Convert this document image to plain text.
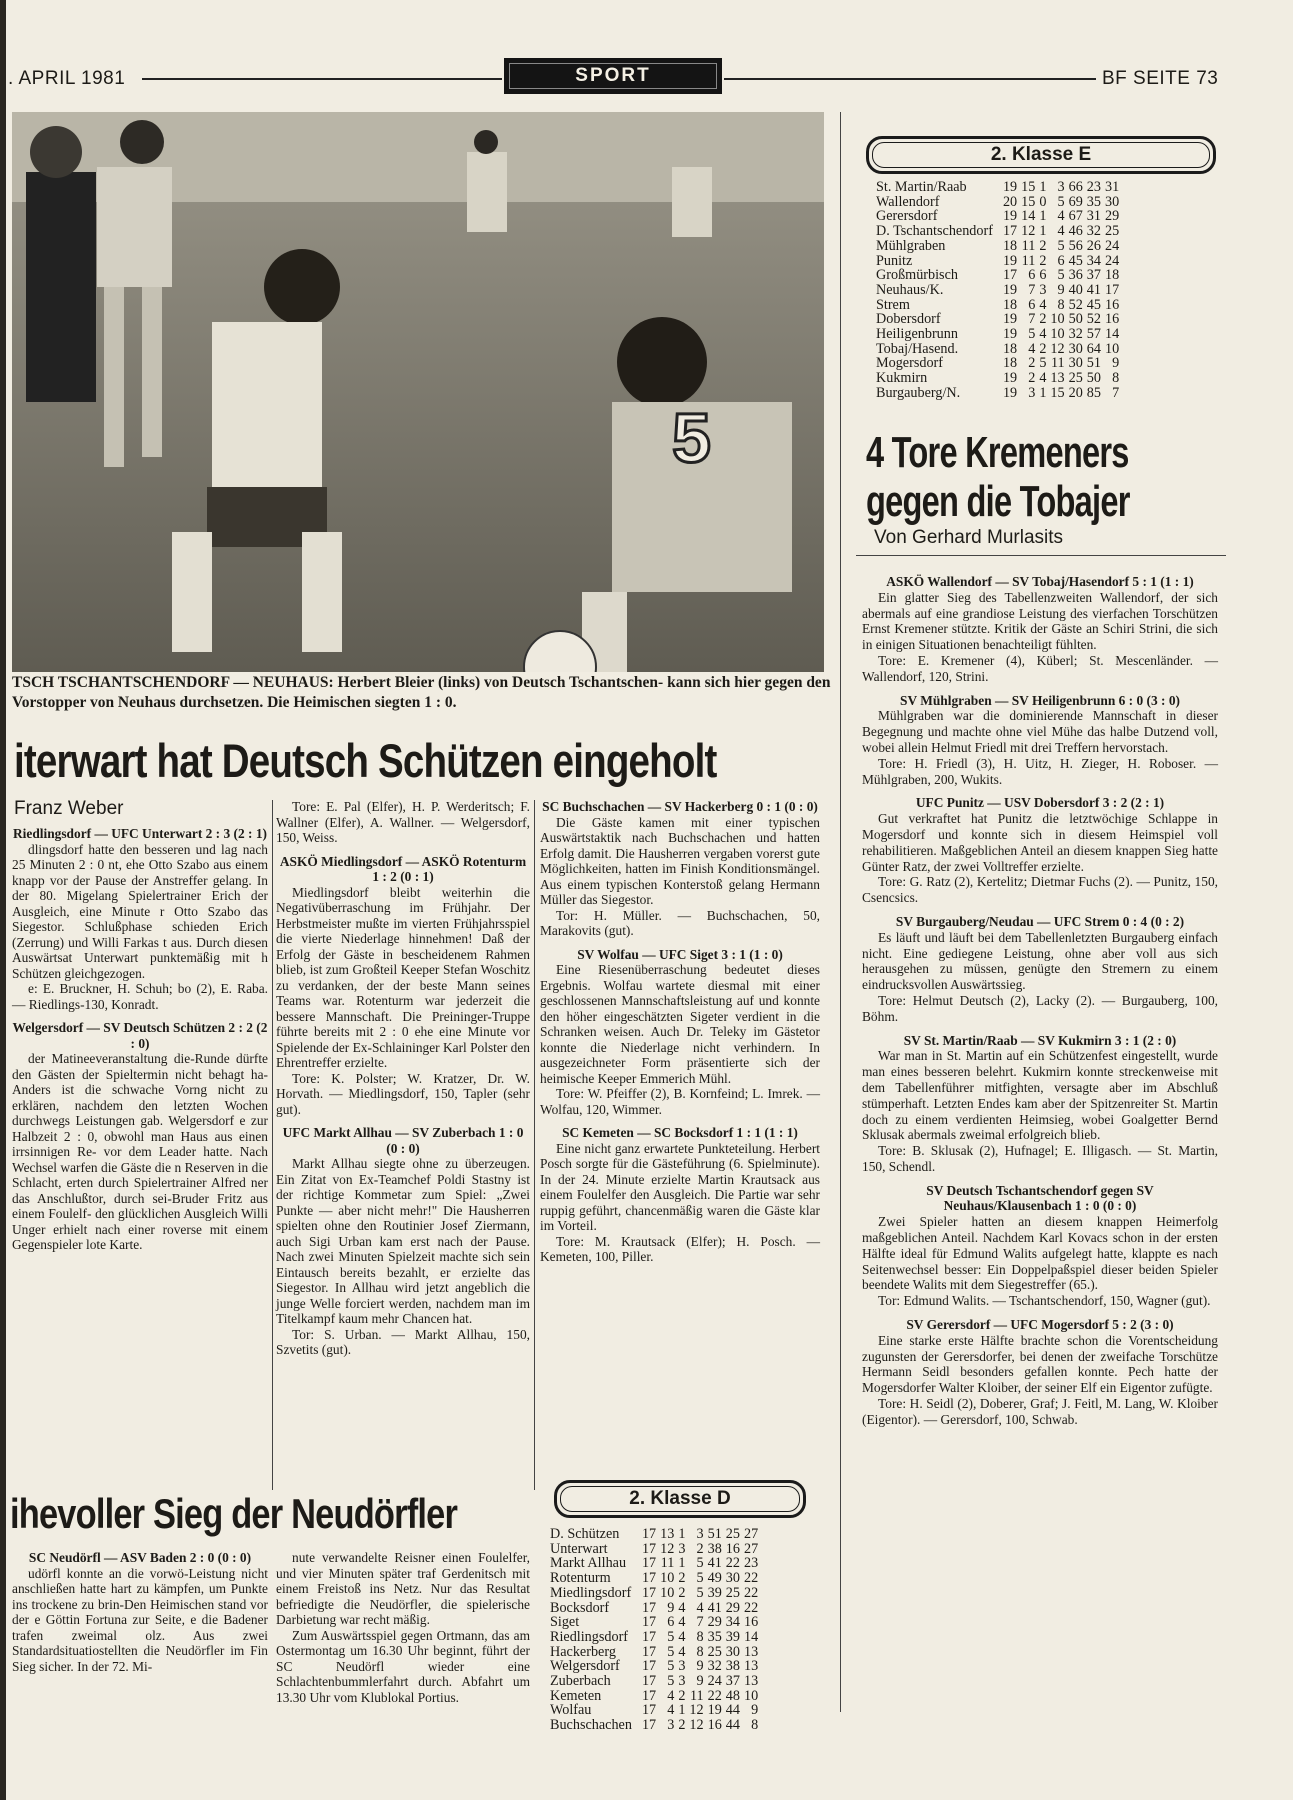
. APRIL 1981	SPORT	BF SEITE 73
5
TSCH TSCHANTSCHENDORF — NEUHAUS: Herbert Bleier (links) von Deutsch Tschantschen- kann sich hier gegen den Vorstopper von Neuhaus durchsetzen. Die Heimischen siegten 1 : 0.
iterwart hat Deutsch Schützen eingeholt
Franz Weber

Riedlingsdorf — UFC Unterwart 2 : 3 (2 : 1)

dlingsdorf hatte den besseren und lag nach 25 Minuten 2 : 0 nt, ehe Otto Szabo aus einem knapp vor der Pause der Anstreffer gelang. In der 80. Migelang Spielertrainer Erich der Ausgleich, eine Minute r Otto Szabo das Siegestor. Schlußphase schieden Erich (Zerrung) und Willi Farkas t aus. Durch diesen Auswärtsat Unterwart punktemäßig mit h Schützen gleichgezogen.

e: E. Bruckner, H. Schuh; bo (2), E. Raba. — Riedlings-130, Konradt.

Welgersdorf — SV Deutsch Schützen 2 : 2 (2 : 0)

der Matineeveranstaltung die-Runde dürfte den Gästen der Spieltermin nicht behagt ha-Anders ist die schwache Vorng nicht zu erklären, nachdem den letzten Wochen durchwegs Leistungen gab. Welgersdorf e zur Halbzeit 2 : 0, obwohl man Haus aus einen irrsinnigen Re- vor dem Leader hatte. Nach Wechsel warfen die Gäste die n Reserven in die Schlacht, erten durch Spielertrainer Alfred ner das Anschlußtor, durch sei-Bruder Fritz aus einem Foulelf- den glücklichen Ausgleich Willi Unger erhielt nach einer roverse mit einem Gegenspieler lote Karte.

Tore: E. Pal (Elfer), H. P. Werderitsch; F. Wallner (Elfer), A. Wallner. — Welgersdorf, 150, Weiss.

ASKÖ Miedlingsdorf — ASKÖ Rotenturm 1 : 2 (0 : 1)

Miedlingsdorf bleibt weiterhin die Negativüberraschung im Frühjahr. Der Herbstmeister mußte im vierten Frühjahrsspiel die vierte Niederlage hinnehmen! Daß der Erfolg der Gäste in bescheidenem Rahmen blieb, ist zum Großteil Keeper Stefan Woschitz zu verdanken, der der beste Mann seines Teams war. Rotenturm war jederzeit die bessere Mannschaft. Die Preininger-Truppe führte bereits mit 2 : 0 ehe eine Minute vor Spielende der Ex-Schlaininger Karl Polster den Ehrentreffer erzielte.

Tore: K. Polster; W. Kratzer, Dr. W. Horvath. — Miedlingsdorf, 150, Tapler (sehr gut).

UFC Markt Allhau — SV Zuberbach 1 : 0 (0 : 0)

Markt Allhau siegte ohne zu überzeugen. Ein Zitat von Ex-Teamchef Poldi Stastny ist der richtige Kommetar zum Spiel: „Zwei Punkte — aber nicht mehr!" Die Hausherren spielten ohne den Routinier Josef Ziermann, auch Sigi Urban kam erst nach der Pause. Nach zwei Minuten Spielzeit machte sich sein Eintausch bereits bezahlt, er erzielte das Siegestor. In Allhau wird jetzt angeblich die junge Welle forciert werden, nachdem man im Titelkampf kaum mehr Chancen hat.

Tor: S. Urban. — Markt Allhau, 150, Szvetits (gut).

SC Buchschachen — SV Hackerberg 0 : 1 (0 : 0)

Die Gäste kamen mit einer typischen Auswärtstaktik nach Buchschachen und hatten Erfolg damit. Die Hausherren vergaben vorerst gute Möglichkeiten, hatten im Finish Konditionsmängel. Aus einem typischen Konterstoß gelang Hermann Müller das Siegestor.

Tor: H. Müller. — Buchschachen, 50, Marakovits (gut).

SV Wolfau — UFC Siget 3 : 1 (1 : 0)

Eine Riesenüberraschung bedeutet dieses Ergebnis. Wolfau wartete diesmal mit einer geschlossenen Mannschaftsleistung auf und konnte den höher eingeschätzten Sigeter verdient in die Schranken weisen. Auch Dr. Teleky im Gästetor konnte die Niederlage nicht verhindern. In ausgezeichneter Form präsentierte sich der heimische Keeper Emmerich Mühl.

Tore: W. Pfeiffer (2), B. Kornfeind; L. Imrek. — Wolfau, 120, Wimmer.

SC Kemeten — SC Bocksdorf 1 : 1 (1 : 1)

Eine nicht ganz erwartete Punkteteilung. Herbert Posch sorgte für die Gästeführung (6. Spielminute). In der 24. Minute erzielte Martin Krautsack aus einem Foulelfer den Ausgleich. Die Partie war sehr ruppig geführt, chancenmäßig waren die Gäste klar im Vorteil.

Tore: M. Krautsack (Elfer); H. Posch. — Kemeten, 100, Piller.

ihevoller Sieg der Neudörfler

SC Neudörfl — ASV Baden 2 : 0 (0 : 0)

udörfl konnte an die vorwö-Leistung nicht anschließen hatte hart zu kämpfen, um Punkte ins trockene zu brin-Den Heimischen stand vor der e Göttin Fortuna zur Seite, e die Badener trafen zweimal olz. Aus zwei Standardsituatiostellten die Neudörfler im Fin Sieg sicher. In der 72. Mi-

nute verwandelte Reisner einen Foulelfer, und vier Minuten später traf Gerdenitsch mit einem Freistoß ins Netz. Nur das Resultat befriedigte die Neudörfler, die spielerische Darbietung war recht mäßig.

Zum Auswärtsspiel gegen Ortmann, das am Ostermontag um 16.30 Uhr beginnt, führt der SC Neudörfl wieder eine Schlachtenbummlerfahrt durch. Abfahrt um 13.30 Uhr vom Klublokal Portius.

2. Klasse D
D. Schützen	17	13	1	3	51	25	27
Unterwart	17	12	3	2	38	16	27
Markt Allhau	17	11	1	5	41	22	23
Rotenturm	17	10	2	5	49	30	22
Miedlingsdorf	17	10	2	5	39	25	22
Bocksdorf	17	9	4	4	41	29	22
Siget	17	6	4	7	29	34	16
Riedlingsdorf	17	5	4	8	35	39	14
Hackerberg	17	5	4	8	25	30	13
Welgersdorf	17	5	3	9	32	38	13
Zuberbach	17	5	3	9	24	37	13
Kemeten	17	4	2	11	22	48	10
Wolfau	17	4	1	12	19	44	9
Buchschachen	17	3	2	12	16	44	8
2. Klasse E
St. Martin/Raab	19	15	1	3	66	23	31
Wallendorf	20	15	0	5	69	35	30
Gerersdorf	19	14	1	4	67	31	29
D. Tschantschendorf	17	12	1	4	46	32	25
Mühlgraben	18	11	2	5	56	26	24
Punitz	19	11	2	6	45	34	24
Großmürbisch	17	6	6	5	36	37	18
Neuhaus/K.	19	7	3	9	40	41	17
Strem	18	6	4	8	52	45	16
Dobersdorf	19	7	2	10	50	52	16
Heiligenbrunn	19	5	4	10	32	57	14
Tobaj/Hasend.	18	4	2	12	30	64	10
Mogersdorf	18	2	5	11	30	51	9
Kukmirn	19	2	4	13	25	50	8
Burgauberg/N.	19	3	1	15	20	85	7
4 Tore Kremeners
gegen die Tobajer
Von Gerhard Murlasits

ASKÖ Wallendorf — SV Tobaj/Hasendorf 5 : 1 (1 : 1)

Ein glatter Sieg des Tabellenzweiten Wallendorf, der sich abermals auf eine grandiose Leistung des vierfachen Torschützen Ernst Kremener stützte. Kritik der Gäste an Schiri Strini, die sich in einigen Situationen benachteiligt fühlten.

Tore: E. Kremener (4), Küberl; St. Mescenländer. — Wallendorf, 120, Strini.

SV Mühlgraben — SV Heiligenbrunn 6 : 0 (3 : 0)

Mühlgraben war die dominierende Mannschaft in dieser Begegnung und machte ohne viel Mühe das halbe Dutzend voll, wobei allein Helmut Friedl mit drei Treffern hervorstach.

Tore: H. Friedl (3), H. Uitz, H. Zieger, H. Roboser. — Mühlgraben, 200, Wukits.

UFC Punitz — USV Dobersdorf 3 : 2 (2 : 1)

Gut verkraftet hat Punitz die letztwöchige Schlappe in Mogersdorf und konnte sich in diesem Heimspiel voll rehabilitieren. Maßgeblichen Anteil an diesem knappen Sieg hatte Günter Ratz, der zwei Volltreffer erzielte.

Tore: G. Ratz (2), Kertelitz; Dietmar Fuchs (2). — Punitz, 150, Csencsics.

SV Burgauberg/Neudau — UFC Strem 0 : 4 (0 : 2)

Es läuft und läuft bei dem Tabellenletzten Burgauberg einfach nicht. Eine gediegene Leistung, ohne aber voll aus sich herausgehen zu müssen, genügte den Stremern zu einem eindrucksvollen Auswärtssieg.

Tore: Helmut Deutsch (2), Lacky (2). — Burgauberg, 100, Böhm.

SV St. Martin/Raab — SV Kukmirn 3 : 1 (2 : 0)

War man in St. Martin auf ein Schützenfest eingestellt, wurde man eines besseren belehrt. Kukmirn konnte streckenweise mit dem Tabellenführer mitfighten, versagte aber im Abschluß stümperhaft. Letzten Endes kam aber der Spitzenreiter St. Martin doch zu einem verdienten Heimsieg, wobei Goalgetter Bernd Sklusak abermals zweimal erfolgreich blieb.

Tore: B. Sklusak (2), Hufnagel; E. Illigasch. — St. Martin, 150, Schendl.

SV Deutsch Tschantschendorf gegen SV Neuhaus/Klausenbach 1 : 0 (0 : 0)

Zwei Spieler hatten an diesem knappen Heimerfolg maßgeblichen Anteil. Nachdem Karl Kovacs schon in der ersten Hälfte ideal für Edmund Walits aufgelegt hatte, klappte es nach Seitenwechsel besser: Ein Doppelpaßspiel dieser beiden Spieler beendete Walits mit dem Siegestreffer (65.).

Tor: Edmund Walits. — Tschantschendorf, 150, Wagner (gut).

SV Gerersdorf — UFC Mogersdorf 5 : 2 (3 : 0)

Eine starke erste Hälfte brachte schon die Vorentscheidung zugunsten der Gerersdorfer, bei denen der zweifache Torschütze Hermann Seidl besonders gefallen konnte. Pech hatte der Mogersdorfer Walter Kloiber, der seiner Elf ein Eigentor zufügte.

Tore: H. Seidl (2), Doberer, Graf; J. Feitl, M. Lang, W. Kloiber (Eigentor). — Gerersdorf, 100, Schwab.
